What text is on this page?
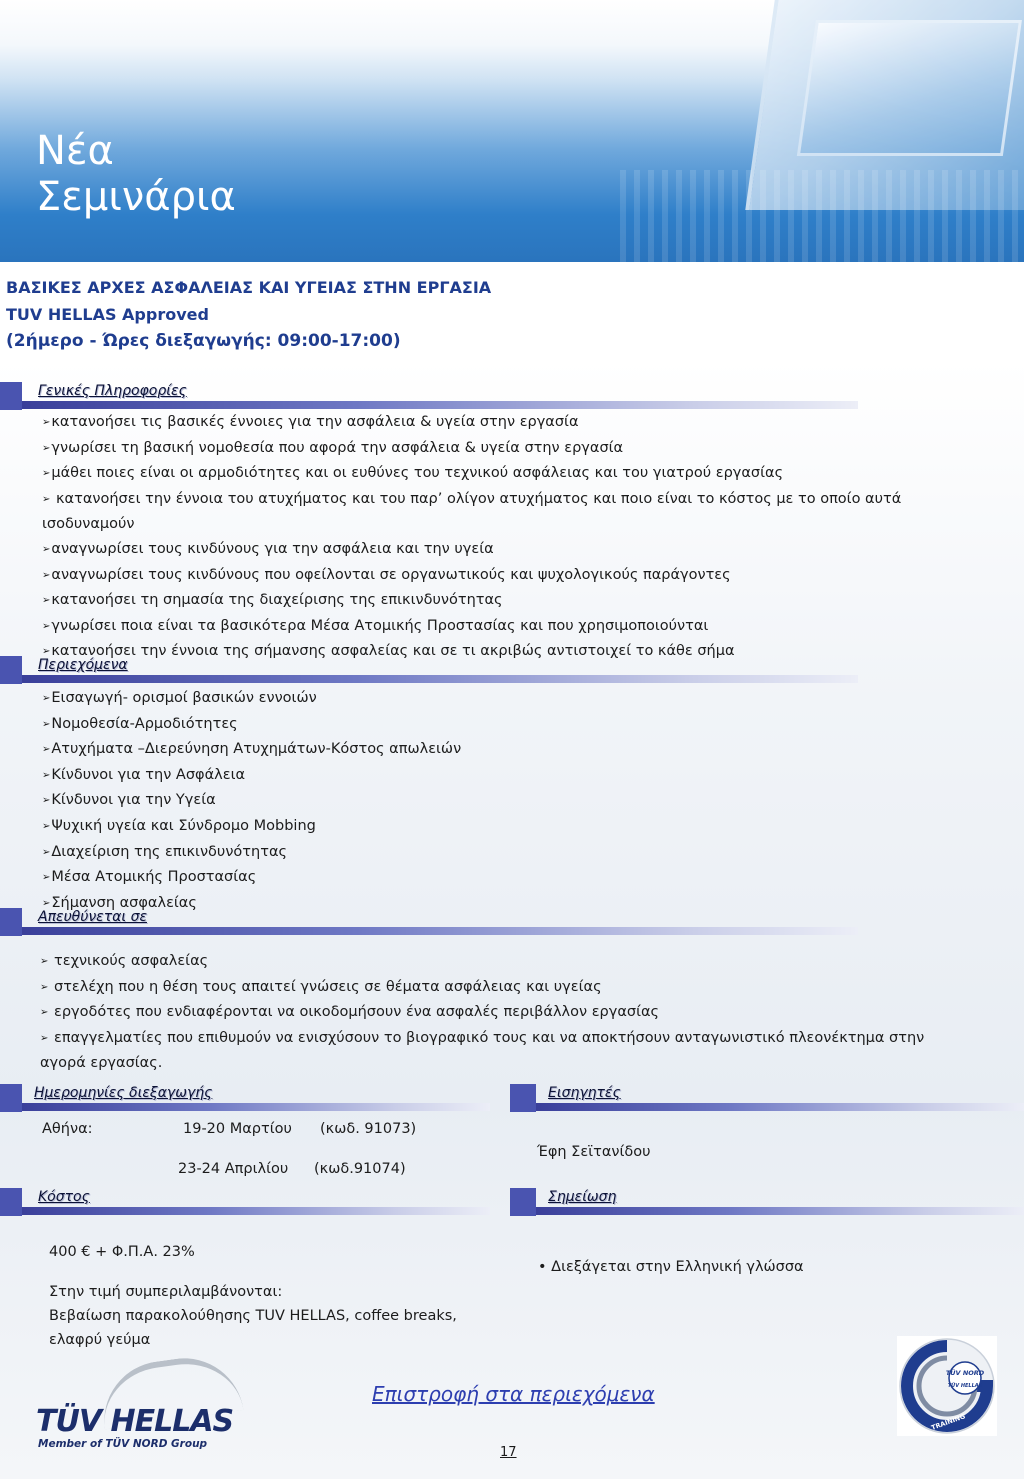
Νέα
Σεμινάρια
ΒΑΣΙΚΕΣ ΑΡΧΕΣ ΑΣΦΑΛΕΙΑΣ ΚΑΙ ΥΓΕΙΑΣ ΣΤΗΝ ΕΡΓΑΣΙΑ
TUV HELLAS Approved
(2ήμερο - Ώρες διεξαγωγής: 09:00-17:00)
Γενικές Πληροφορίες
➢κατανοήσει τις βασικές έννοιες για την ασφάλεια & υγεία στην εργασία
➢γνωρίσει τη βασική νομοθεσία που αφορά την ασφάλεια & υγεία στην εργασία
➢μάθει ποιες είναι οι αρμοδιότητες και οι ευθύνες του τεχνικού ασφάλειας και του γιατρού εργασίας
➢ κατανοήσει την έννοια του ατυχήματος και του παρ’ ολίγον ατυχήματος και ποιο είναι το κόστος με το οποίο αυτά ισοδυναμούν
➢αναγνωρίσει τους κινδύνους για την ασφάλεια και την υγεία
➢αναγνωρίσει τους κινδύνους που οφείλονται σε οργανωτικούς και ψυχολογικούς παράγοντες
➢κατανοήσει τη σημασία της διαχείρισης της επικινδυνότητας
➢γνωρίσει ποια είναι τα βασικότερα Μέσα Ατομικής Προστασίας και που χρησιμοποιούνται
➢κατανοήσει την έννοια της σήμανσης ασφαλείας και σε τι ακριβώς αντιστοιχεί το κάθε σήμα
Περιεχόμενα
➢Εισαγωγή- ορισμοί βασικών εννοιών
➢Νομοθεσία-Αρμοδιότητες
➢Ατυχήματα –Διερεύνηση Ατυχημάτων-Κόστος απωλειών
➢Κίνδυνοι για την Ασφάλεια
➢Κίνδυνοι για την Υγεία
➢Ψυχική υγεία και Σύνδρομο Mobbing
➢Διαχείριση της επικινδυνότητας
➢Μέσα Ατομικής Προστασίας
➢Σήμανση ασφαλείας
Απευθύνεται σε
➢ τεχνικούς ασφαλείας
➢ στελέχη που η θέση τους απαιτεί γνώσεις σε θέματα ασφάλειας και υγείας
➢ εργοδότες που ενδιαφέρονται να οικοδομήσουν ένα ασφαλές περιβάλλον εργασίας
➢ επαγγελματίες που επιθυμούν να ενισχύσουν το βιογραφικό τους και να αποκτήσουν ανταγωνιστικό πλεονέκτημα στην αγορά εργασίας.
Ημερομηνίες διεξαγωγής
Αθήνα:	19-20 Μαρτίου (κωδ. 91073)
23-24 Απριλίου (κωδ.91074)
Εισηγητές
Έφη Σεϊτανίδου
Κόστος
400 € + Φ.Π.Α. 23%
Στην τιμή συμπεριλαμβάνονται:
Βεβαίωση παρακολούθησης TUV HELLAS, coffee breaks,
ελαφρύ γεύμα
Σημείωση
• Διεξάγεται στην Ελληνική γλώσσα
TÜV HELLAS
Member of TÜV NORD Group
Επιστροφή στα περιεχόμενα
17
TÜV NORD
TÜV HELLAS
TRAINING
